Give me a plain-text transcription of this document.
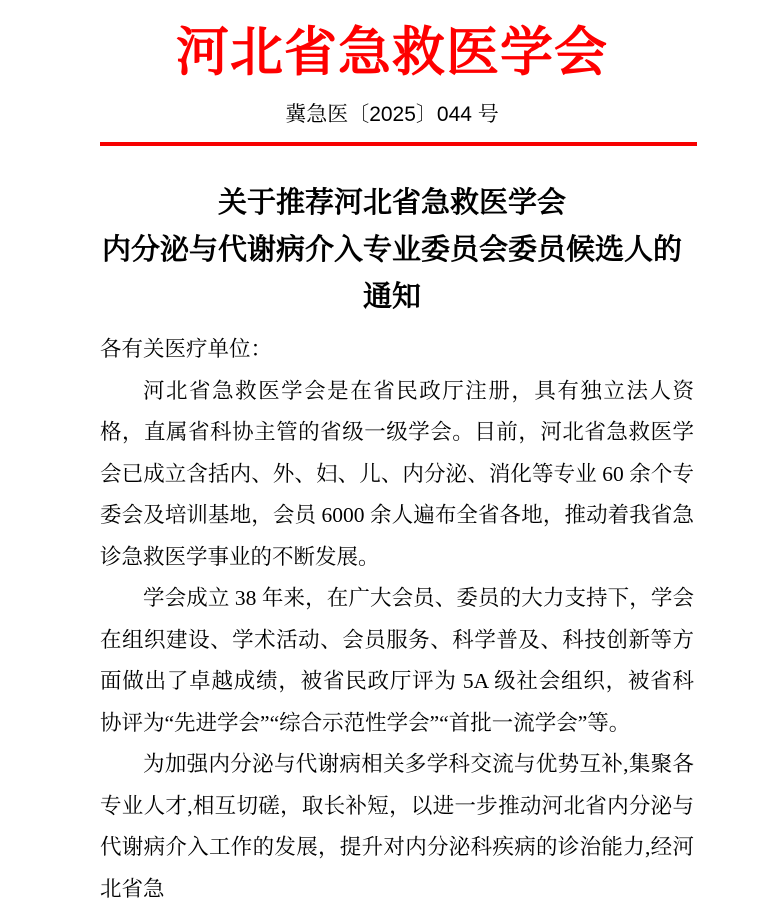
河北省急救医学会
冀急医〔2025〕044 号
关于推荐河北省急救医学会
内分泌与代谢病介入专业委员会委员候选人的
通知

各有关医疗单位：

河北省急救医学会是在省民政厅注册，具有独立法人资格，直属省科协主管的省级一级学会。目前，河北省急救医学会已成立含括内、外、妇、儿、内分泌、消化等专业 60 余个专委会及培训基地，会员 6000 余人遍布全省各地，推动着我省急诊急救医学事业的不断发展。

学会成立 38 年来，在广大会员、委员的大力支持下，学会在组织建设、学术活动、会员服务、科学普及、科技创新等方面做出了卓越成绩，被省民政厅评为 5A 级社会组织，被省科协评为“先进学会”“综合示范性学会”“首批一流学会”等。

为加强内分泌与代谢病相关多学科交流与优势互补,集聚各专业人才,相互切磋，取长补短，以进一步推动河北省内分泌与代谢病介入工作的发展，提升对内分泌科疾病的诊治能力,经河北省急
